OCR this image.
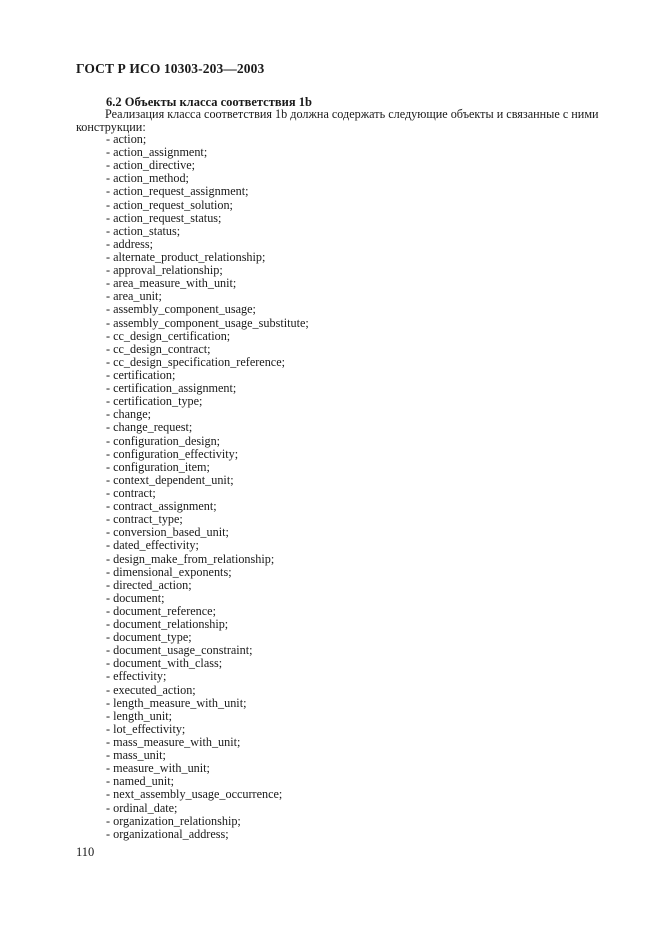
ГОСТ Р ИСО 10303-203—2003
6.2 Объекты класса соответствия 1b
Реализация класса соответствия 1b должна содержать следующие объекты и связанные с ними конструкции:
- action;
- action_assignment;
- action_directive;
- action_method;
- action_request_assignment;
- action_request_solution;
- action_request_status;
- action_status;
- address;
- alternate_product_relationship;
- approval_relationship;
- area_measure_with_unit;
- area_unit;
- assembly_component_usage;
- assembly_component_usage_substitute;
- cc_design_certification;
- cc_design_contract;
- cc_design_specification_reference;
- certification;
- certification_assignment;
- certification_type;
- change;
- change_request;
- configuration_design;
- configuration_effectivity;
- configuration_item;
- context_dependent_unit;
- contract;
- contract_assignment;
- contract_type;
- conversion_based_unit;
- dated_effectivity;
- design_make_from_relationship;
- dimensional_exponents;
- directed_action;
- document;
- document_reference;
- document_relationship;
- document_type;
- document_usage_constraint;
- document_with_class;
- effectivity;
- executed_action;
- length_measure_with_unit;
- length_unit;
- lot_effectivity;
- mass_measure_with_unit;
- mass_unit;
- measure_with_unit;
- named_unit;
- next_assembly_usage_occurrence;
- ordinal_date;
- organization_relationship;
- organizational_address;
110
